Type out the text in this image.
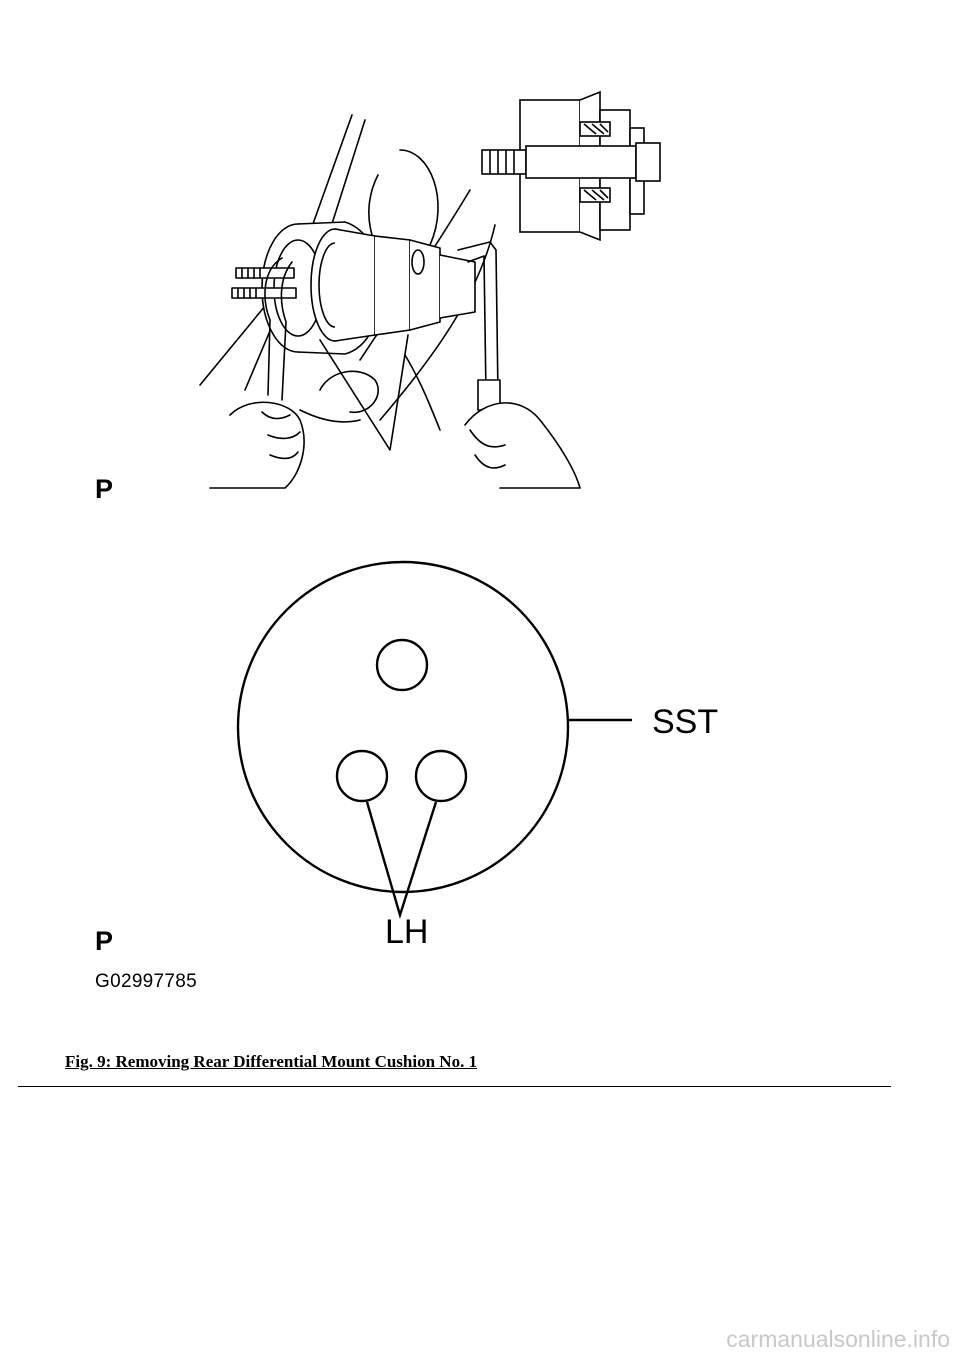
P
P
SST
LH
G02997785
Fig. 9: Removing Rear Differential Mount Cushion No. 1
carmanualsonline.info
